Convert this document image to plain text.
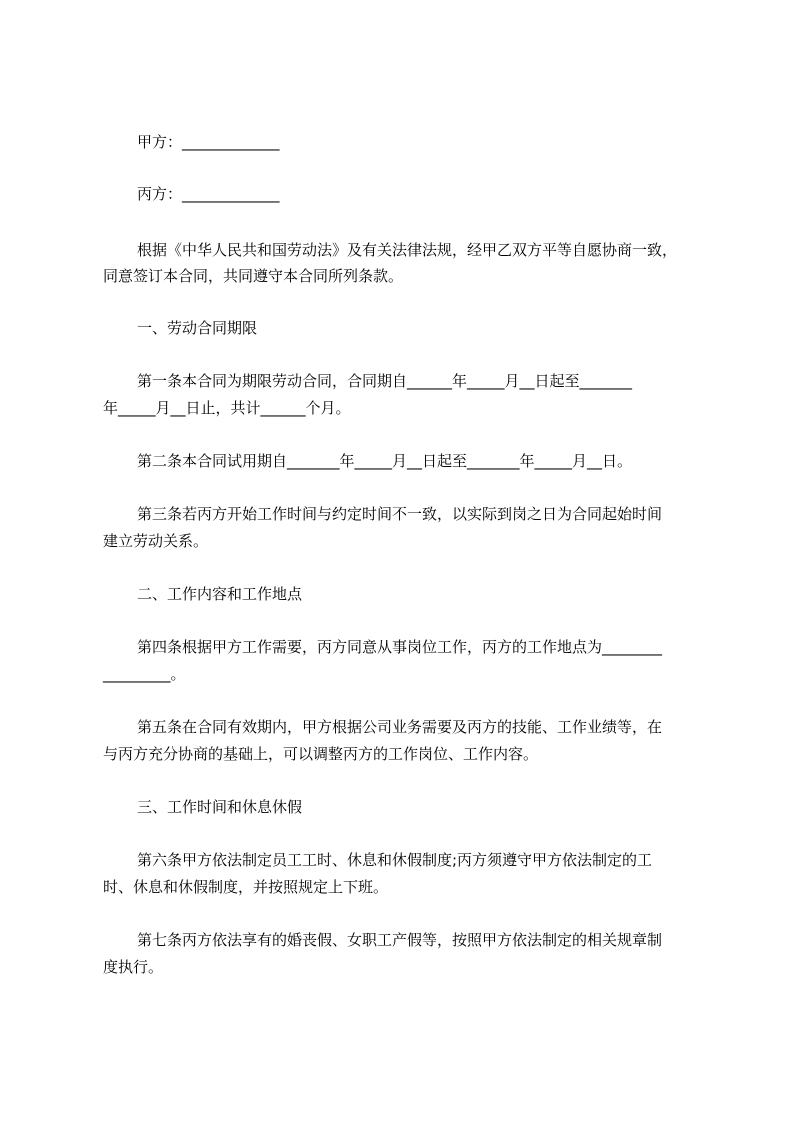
甲方：_____________
丙方：_____________
根据《中华人民共和国劳动法》及有关法律法规，经甲乙双方平等自愿协商一致，
同意签订本合同，共同遵守本合同所列条款。
一、劳动合同期限
第一条本合同为期限劳动合同，合同期自______年_____月__日起至_______
年_____月__日止，共计______个月。
第二条本合同试用期自_______年_____月__日起至_______年_____月__日。
第三条若丙方开始工作时间与约定时间不一致，以实际到岗之日为合同起始时间
建立劳动关系。
二、工作内容和工作地点
第四条根据甲方工作需要，丙方同意从事岗位工作，丙方的工作地点为________
_________。
第五条在合同有效期内，甲方根据公司业务需要及丙方的技能、工作业绩等，在
与丙方充分协商的基础上，可以调整丙方的工作岗位、工作内容。
三、工作时间和休息休假
第六条甲方依法制定员工工时、休息和休假制度;丙方须遵守甲方依法制定的工
时、休息和休假制度，并按照规定上下班。
第七条丙方依法享有的婚丧假、女职工产假等，按照甲方依法制定的相关规章制
度执行。
